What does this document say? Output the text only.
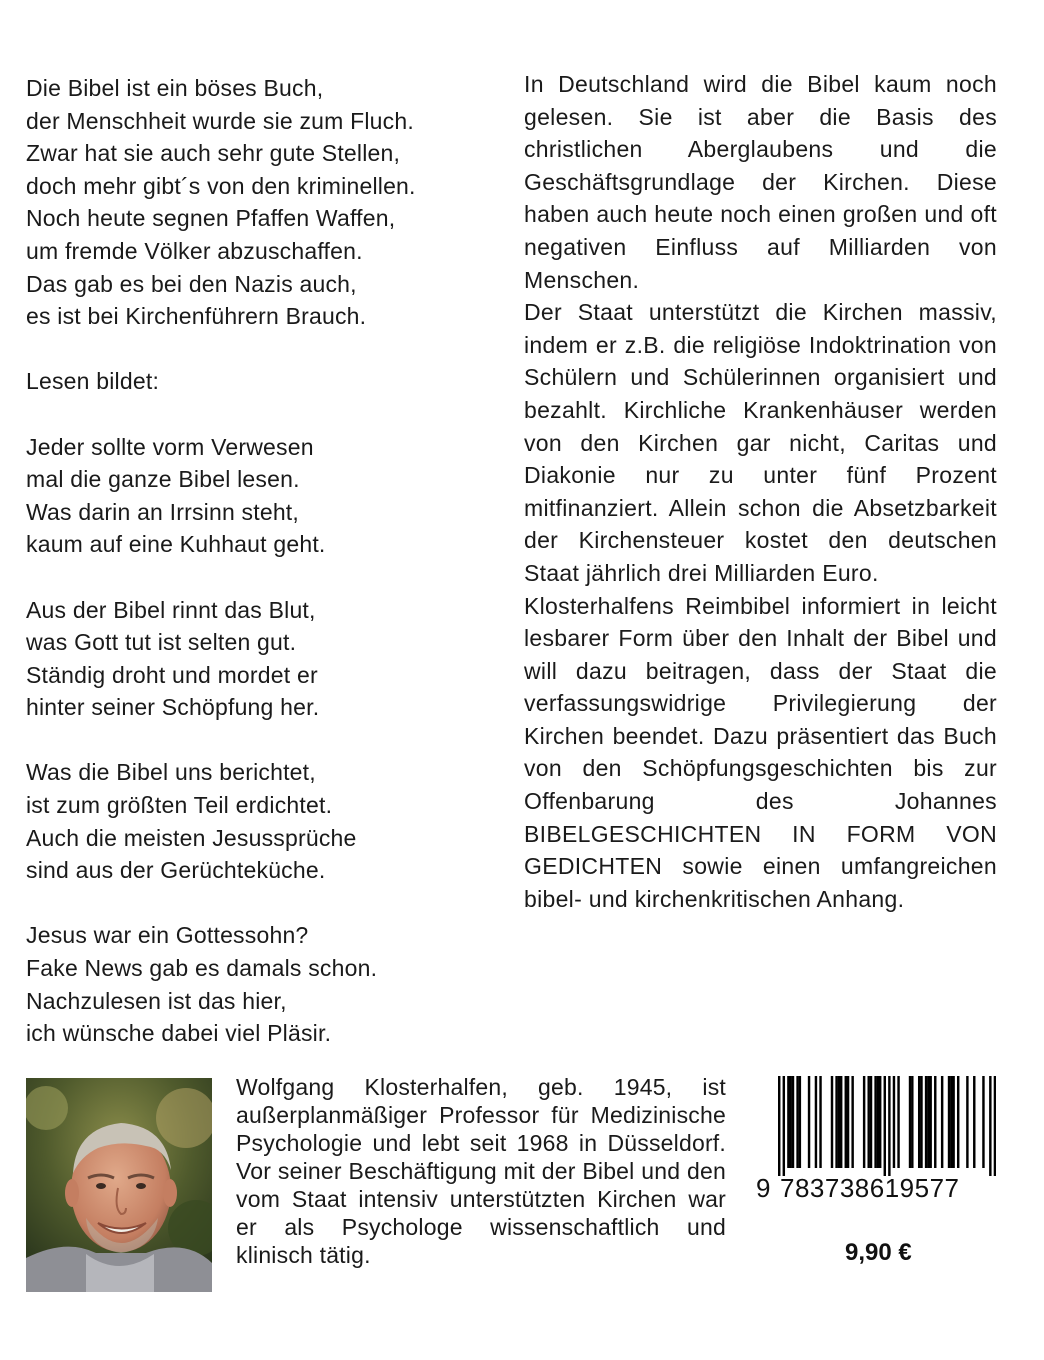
Die Bibel ist ein böses Buch,
der Menschheit wurde sie zum Fluch.
Zwar hat sie auch sehr gute Stellen,
doch mehr gibt´s von den kriminellen.
Noch heute segnen Pfaffen Waffen,
um fremde Völker abzuschaffen.
Das gab es bei den Nazis auch,
es ist bei Kirchenführern Brauch.
Lesen bildet:
Jeder sollte vorm Verwesen
mal die ganze Bibel lesen.
Was darin an Irrsinn steht,
kaum auf eine Kuhhaut geht.
Aus der Bibel rinnt das Blut,
was Gott tut ist selten gut.
Ständig droht und mordet er
hinter seiner Schöpfung her.
Was die Bibel uns berichtet,
ist zum größten Teil erdichtet.
Auch die meisten Jesussprüche
sind aus der Gerüchteküche.
Jesus war ein Gottessohn?
Fake News gab es damals schon.
Nachzulesen ist das hier,
ich wünsche dabei viel Pläsir.

In Deutschland wird die Bibel kaum noch gelesen. Sie ist aber die Basis des christlichen Aberglaubens und die Geschäftsgrundlage der Kirchen. Diese haben auch heute noch einen großen und oft negativen Einfluss auf Milliarden von Menschen.

Der Staat unterstützt die Kirchen massiv, indem er z.B. die religiöse Indoktrination von Schülern und Schülerinnen organisiert und bezahlt. Kirchliche Krankenhäuser werden von den Kirchen gar nicht, Caritas und Diakonie nur zu unter fünf Prozent mitfinanziert. Allein schon die Absetzbarkeit der Kirchensteuer kostet den deutschen Staat jährlich drei Milliarden Euro.

Klosterhalfens Reimbibel informiert in leicht lesbarer Form über den Inhalt der Bibel und will dazu beitragen, dass der Staat die verfassungswidrige Privilegierung der Kirchen beendet. Dazu präsentiert das Buch von den Schöpfungsgeschichten bis zur Offenbarung des Johannes BIBELGESCHICHTEN IN FORM VON GEDICHTEN sowie einen umfangreichen bibel- und kirchenkritischen Anhang.

Wolfgang Klosterhalfen, geb. 1945, ist außerplanmäßiger Professor für Medizinische Psychologie und lebt seit 1968 in Düsseldorf. Vor seiner Beschäftigung mit der Bibel und den vom Staat intensiv unterstützten Kirchen war er als Psychologe wissenschaftlich und klinisch tätig.
9 783738619577
9,90 €
